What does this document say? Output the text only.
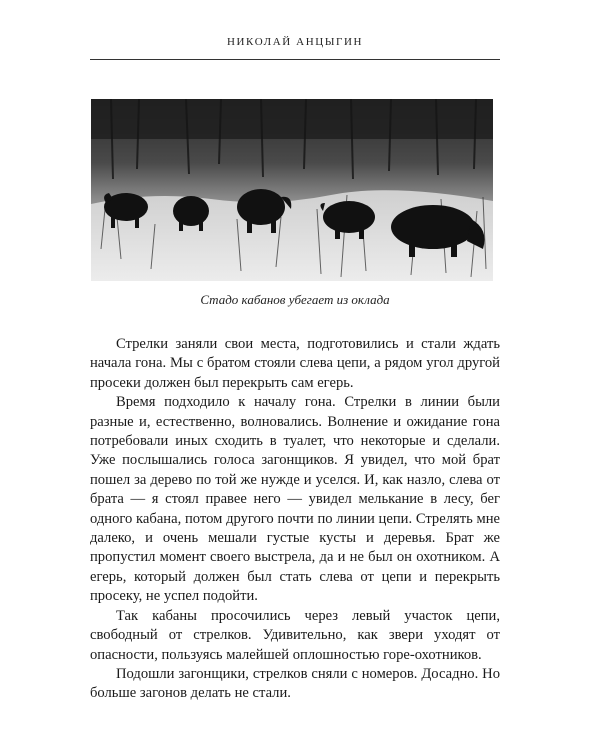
НИКОЛАЙ АНЦЫГИН
Стадо кабанов убегает из оклада

Стрелки заняли свои места, подготовились и стали ждать начала гона. Мы с братом стояли слева цепи, а рядом угол другой просеки должен был перекрыть сам егерь.

Время подходило к началу гона. Стрелки в линии были разные и, естественно, волновались. Волнение и ожидание гона потребовали иных сходить в туалет, что некоторые и сделали. Уже послышались голоса загонщиков. Я увидел, что мой брат пошел за дерево по той же нужде и уселся. И, как назло, слева от брата — я стоял правее него — увидел мелькание в лесу, бег одного кабана, потом другого почти по линии цепи. Стрелять мне далеко, и очень мешали густые кусты и деревья. Брат же пропустил момент своего выстрела, да и не был он охотником. А егерь, который должен был стать слева от цепи и перекрыть просеку, не успел подойти.

Так кабаны просочились через левый участок цепи, свободный от стрелков. Удивительно, как звери уходят от опасности, пользуясь малейшей оплошностью горе-охотников.

Подошли загонщики, стрелков сняли с номеров. Досадно. Но больше загонов делать не стали.
